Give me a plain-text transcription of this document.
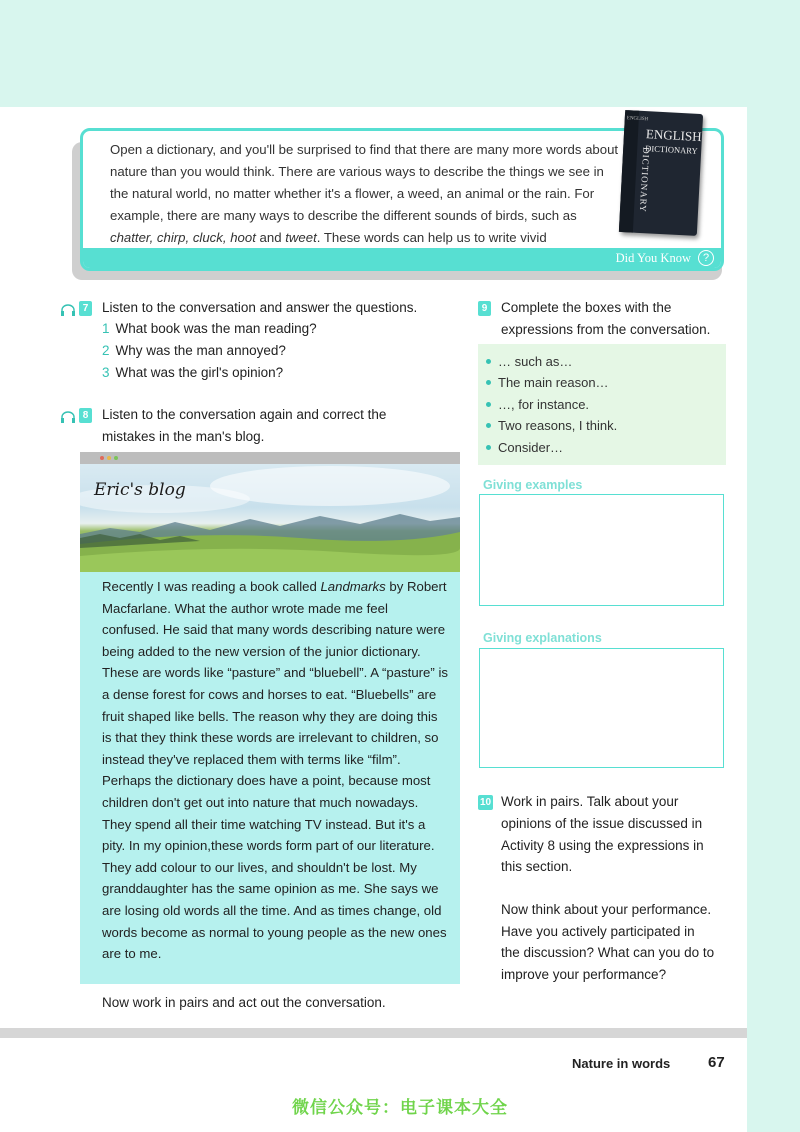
Open a dictionary, and you'll be surprised to find that there are many more words about nature than you would think. There are various ways to describe the things we see in the natural world, no matter whether it's a flower, a weed, an animal or the rain. For example, there are many ways to describe the different sounds of birds, such as chatter, chirp, cluck, hoot and tweet. These words can help us to write vivid
Did You Know	?
ENGLISH
ENGLISH
DICTIONARY
DICTIONARY
7 Listen to the conversation and answer the questions.
1 What book was the man reading?
2 Why was the man annoyed?
3 What was the girl's opinion?
8 Listen to the conversation again and correct the
mistakes in the man's blog.
Eric's blog
Recently I was reading a book called Landmarks by Robert Macfarlane. What the author wrote made me feel confused. He said that many words describing nature were being added to the new version of the junior dictionary. These are words like “pasture” and “bluebell”. A “pasture” is a dense forest for cows and horses to eat. “Bluebells” are fruit shaped like bells. The reason why they are doing this is that they think these words are irrelevant to children, so instead they've replaced them with terms like “film”. Perhaps the dictionary does have a point, because most children don't get out into nature that much nowadays. They spend all their time watching TV instead. But it's a pity. In my opinion,these words form part of our literature. They add colour to our lives, and shouldn't be lost. My granddaughter has the same opinion as me. She says we are losing old words all the time. And as times change, old words become as normal to young people as the new ones are to me.
Now work in pairs and act out the conversation.
9 Complete the boxes with the
expressions from the conversation.
… such as…
The main reason…
…, for instance.
Two reasons, I think.
Consider…
Giving examples
Giving explanations
10 Work in pairs. Talk about your
opinions of the issue discussed in
Activity 8 using the expressions in
this section.
Now think about your performance.
Have you actively participated in
the discussion? What can you do to
improve your performance?
Nature in words	67
微信公众号：电子课本大全
